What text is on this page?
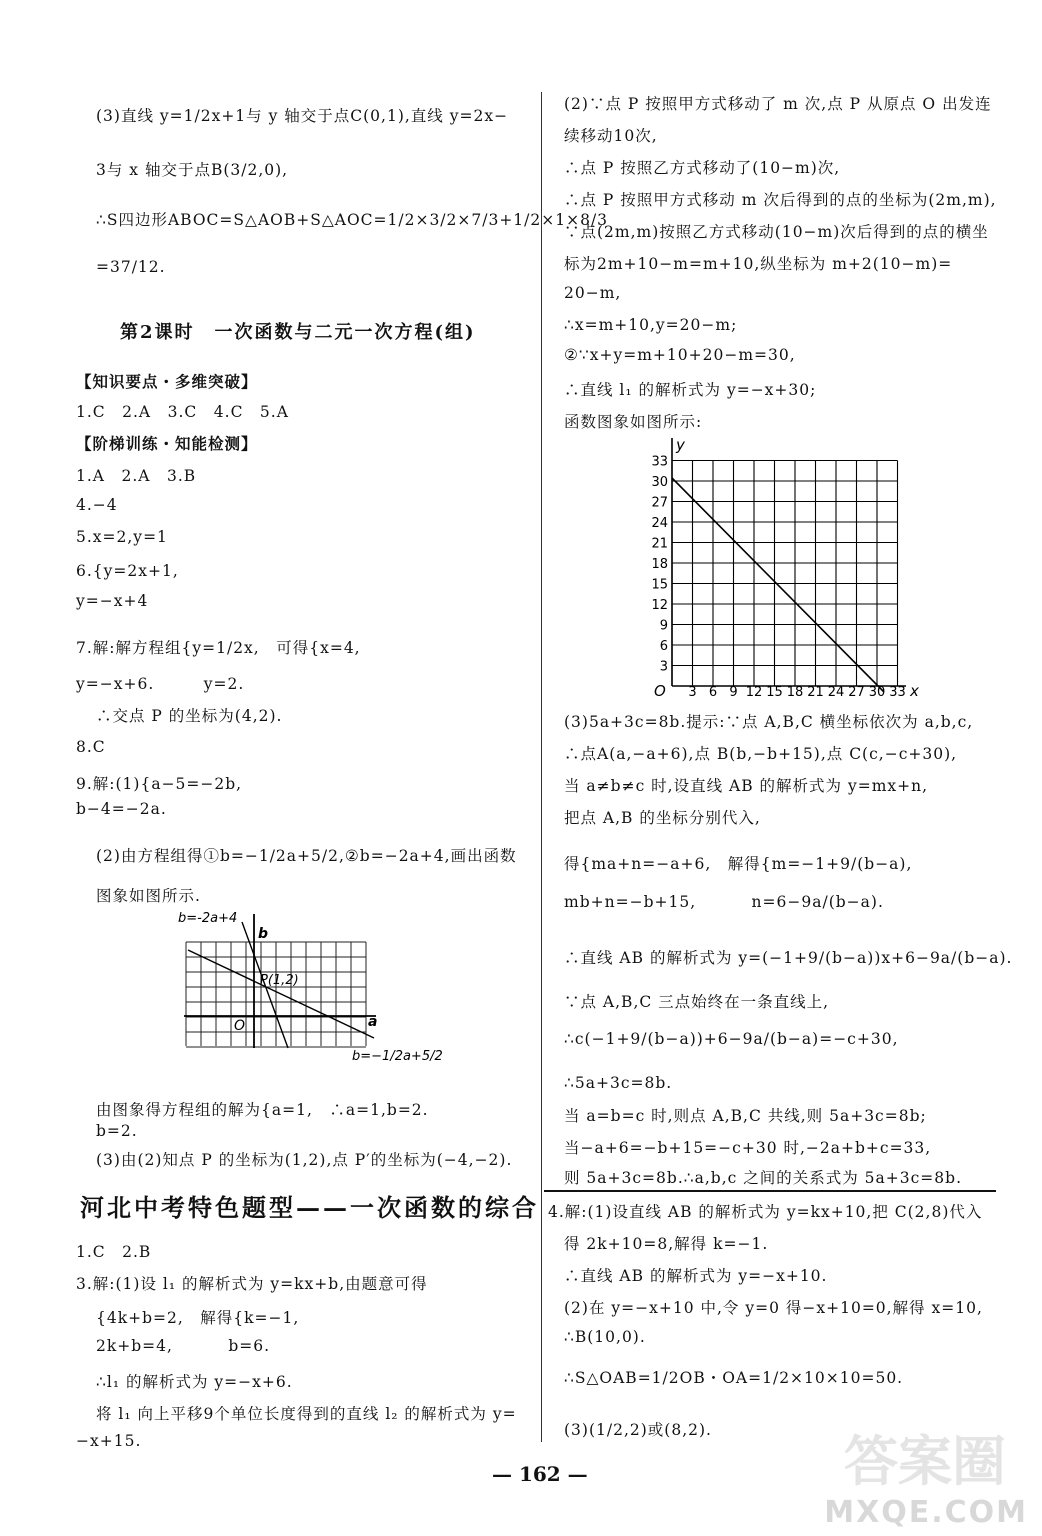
(3)直线 y=1/2x+1与 y 轴交于点C(0,1),直线 y=2x−
3与 x 轴交于点B(3/2,0),
∴S四边形ABOC=S△AOB+S△AOC=1/2×3/2×7/3+1/2×1×8/3
=37/12.
第2课时　一次函数与二元一次方程(组)
【知识要点・多维突破】
1.C　2.A　3.C　4.C　5.A
【阶梯训练・知能检测】
1.A　2.A　3.B
4.−4
5.x=2,y=1
6.{y=2x+1,
y=−x+4
7.解:解方程组{y=1/2x,　可得{x=4,
y=−x+6.　　　y=2.
∴交点 P 的坐标为(4,2).
8.C
9.解:(1){a−5=−2b,
b−4=−2a.
(2)由方程组得①b=−1/2a+5/2,②b=−2a+4,画出函数
图象如图所示.
b=-2a+4
b
a
O
P(1,2)
b=−1/2a+5/2
由图象得方程组的解为{a=1,　∴a=1,b=2.
b=2.
(3)由(2)知点 P 的坐标为(1,2),点 P′的坐标为(−4,−2).
河北中考特色题型——一次函数的综合
1.C　2.B
3.解:(1)设 l₁ 的解析式为 y=kx+b,由题意可得
{4k+b=2,　解得{k=−1,
2k+b=4,　　　 b=6.
∴l₁ 的解析式为 y=−x+6.
将 l₁ 向上平移9个单位长度得到的直线 l₂ 的解析式为 y=
−x+15.
(2)∵点 P 按照甲方式移动了 m 次,点 P 从原点 O 出发连
续移动10次,
∴点 P 按照乙方式移动了(10−m)次,
∴点 P 按照甲方式移动 m 次后得到的点的坐标为(2m,m),
∵点(2m,m)按照乙方式移动(10−m)次后得到的点的横坐
标为2m+10−m=m+10,纵坐标为 m+2(10−m)=
20−m,
∴x=m+10,y=20−m;
②∵x+y=m+10+20−m=30,
∴直线 l₁ 的解析式为 y=−x+30;
函数图象如图所示:
y
x
O
33
30
27
24
21
18
15
12
9
6
3
3 6 9 12 15 18 21 24 27 30 33
(3)5a+3c=8b.提示:∵点 A,B,C 横坐标依次为 a,b,c,
∴点A(a,−a+6),点 B(b,−b+15),点 C(c,−c+30),
当 a≠b≠c 时,设直线 AB 的解析式为 y=mx+n,
把点 A,B 的坐标分别代入,
得{ma+n=−a+6,　解得{m=−1+9/(b−a),
mb+n=−b+15,　　　 n=6−9a/(b−a).
∴直线 AB 的解析式为 y=(−1+9/(b−a))x+6−9a/(b−a).
∵点 A,B,C 三点始终在一条直线上,
∴c(−1+9/(b−a))+6−9a/(b−a)=−c+30,
∴5a+3c=8b.
当 a=b=c 时,则点 A,B,C 共线,则 5a+3c=8b;
当−a+6=−b+15=−c+30 时,−2a+b+c=33,
则 5a+3c=8b.∴a,b,c 之间的关系式为 5a+3c=8b.
4.解:(1)设直线 AB 的解析式为 y=kx+10,把 C(2,8)代入
得 2k+10=8,解得 k=−1.
∴直线 AB 的解析式为 y=−x+10.
(2)在 y=−x+10 中,令 y=0 得−x+10=0,解得 x=10,
∴B(10,0).
∴S△OAB=1/2OB・OA=1/2×10×10=50.
(3)(1/2,2)或(8,2).
— 162 —	答案圈
MXQE.COM
